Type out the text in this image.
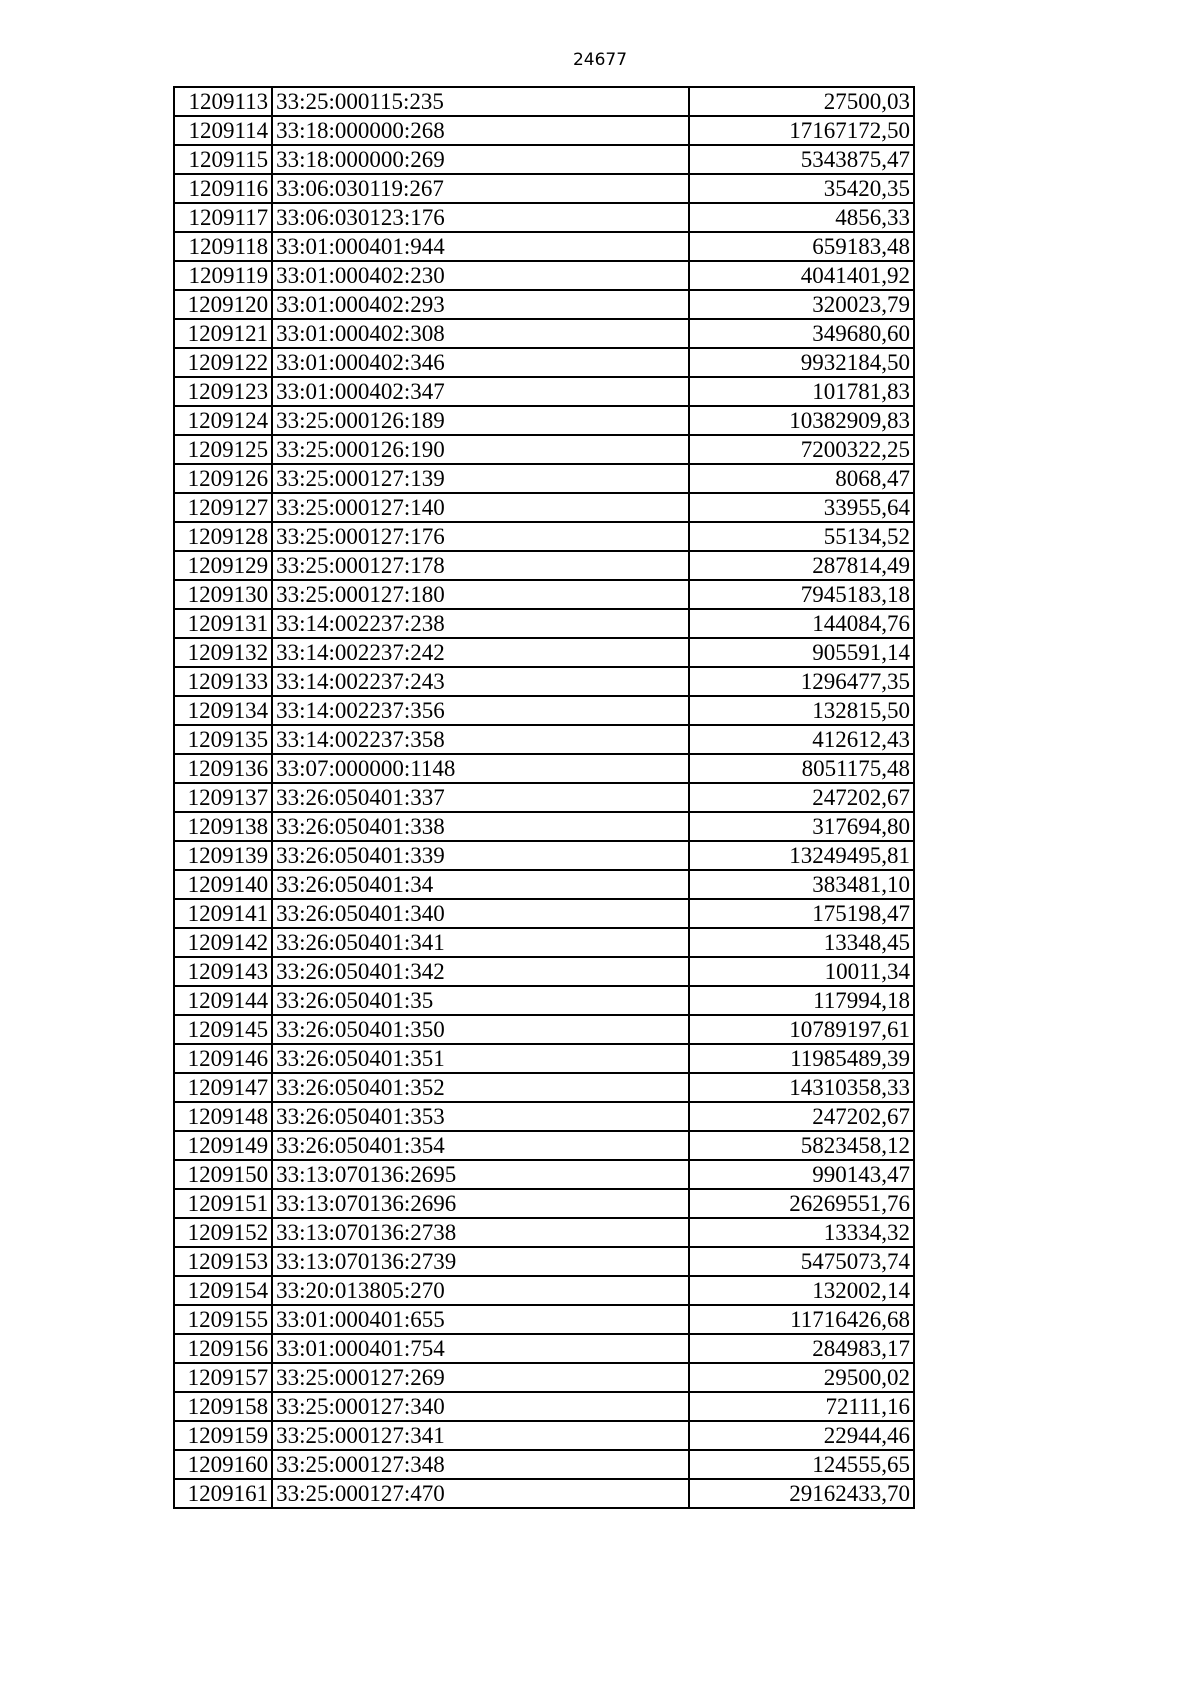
24677
1209113	33:25:000115:235	27500,03
1209114	33:18:000000:268	17167172,50
1209115	33:18:000000:269	5343875,47
1209116	33:06:030119:267	35420,35
1209117	33:06:030123:176	4856,33
1209118	33:01:000401:944	659183,48
1209119	33:01:000402:230	4041401,92
1209120	33:01:000402:293	320023,79
1209121	33:01:000402:308	349680,60
1209122	33:01:000402:346	9932184,50
1209123	33:01:000402:347	101781,83
1209124	33:25:000126:189	10382909,83
1209125	33:25:000126:190	7200322,25
1209126	33:25:000127:139	8068,47
1209127	33:25:000127:140	33955,64
1209128	33:25:000127:176	55134,52
1209129	33:25:000127:178	287814,49
1209130	33:25:000127:180	7945183,18
1209131	33:14:002237:238	144084,76
1209132	33:14:002237:242	905591,14
1209133	33:14:002237:243	1296477,35
1209134	33:14:002237:356	132815,50
1209135	33:14:002237:358	412612,43
1209136	33:07:000000:1148	8051175,48
1209137	33:26:050401:337	247202,67
1209138	33:26:050401:338	317694,80
1209139	33:26:050401:339	13249495,81
1209140	33:26:050401:34	383481,10
1209141	33:26:050401:340	175198,47
1209142	33:26:050401:341	13348,45
1209143	33:26:050401:342	10011,34
1209144	33:26:050401:35	117994,18
1209145	33:26:050401:350	10789197,61
1209146	33:26:050401:351	11985489,39
1209147	33:26:050401:352	14310358,33
1209148	33:26:050401:353	247202,67
1209149	33:26:050401:354	5823458,12
1209150	33:13:070136:2695	990143,47
1209151	33:13:070136:2696	26269551,76
1209152	33:13:070136:2738	13334,32
1209153	33:13:070136:2739	5475073,74
1209154	33:20:013805:270	132002,14
1209155	33:01:000401:655	11716426,68
1209156	33:01:000401:754	284983,17
1209157	33:25:000127:269	29500,02
1209158	33:25:000127:340	72111,16
1209159	33:25:000127:341	22944,46
1209160	33:25:000127:348	124555,65
1209161	33:25:000127:470	29162433,70
